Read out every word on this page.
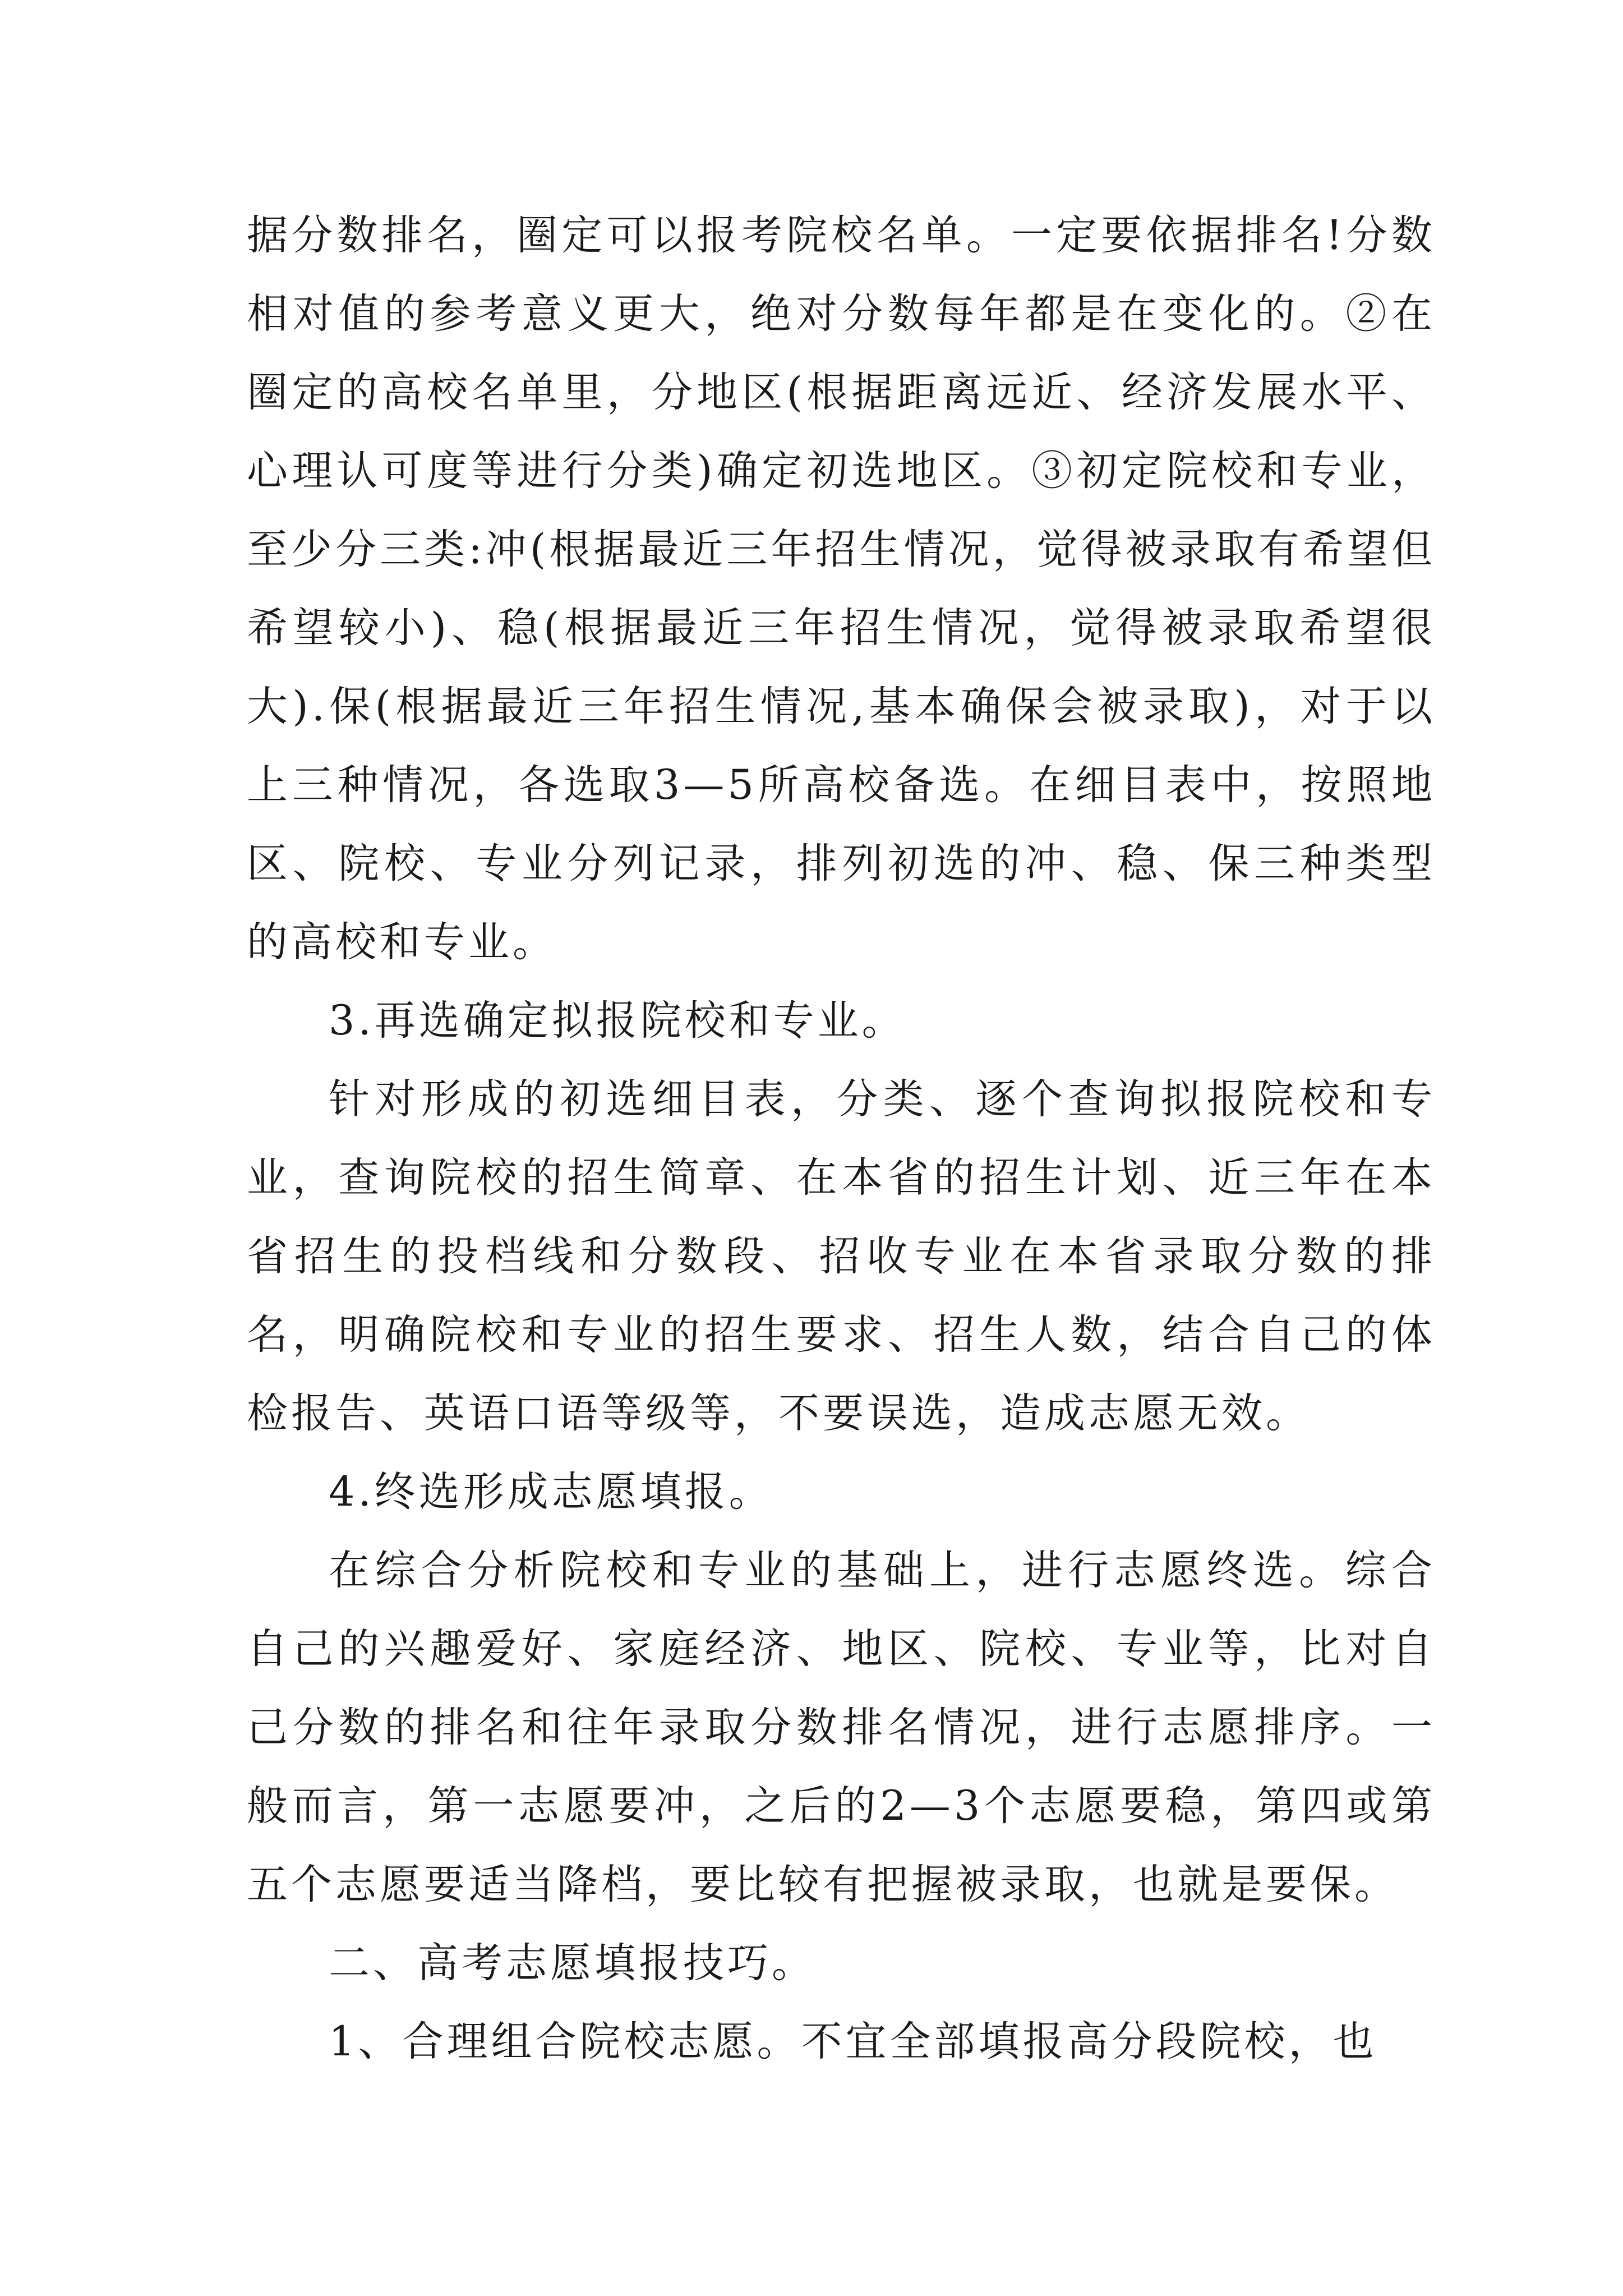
据分数排名，圈定可以报考院校名单。一定要依据排名!分数相对值的参考意义更大，绝对分数每年都是在变化的。②在圈定的高校名单里，分地区(根据距离远近、经济发展水平、心理认可度等进行分类)确定初选地区。③初定院校和专业，至少分三类:冲(根据最近三年招生情况，觉得被录取有希望但希望较小)、稳(根据最近三年招生情况，觉得被录取希望很大).保(根据最近三年招生情况,基本确保会被录取)，对于以上三种情况，各选取3—5所高校备选。在细目表中，按照地区、院校、专业分列记录，排列初选的冲、稳、保三种类型的高校和专业。

3.再选确定拟报院校和专业。

针对形成的初选细目表，分类、逐个查询拟报院校和专业，查询院校的招生简章、在本省的招生计划、近三年在本省招生的投档线和分数段、招收专业在本省录取分数的排名，明确院校和专业的招生要求、招生人数，结合自己的体检报告、英语口语等级等，不要误选，造成志愿无效。

4.终选形成志愿填报。

在综合分析院校和专业的基础上，进行志愿终选。综合自己的兴趣爱好、家庭经济、地区、院校、专业等，比对自己分数的排名和往年录取分数排名情况，进行志愿排序。一般而言，第一志愿要冲，之后的2—3个志愿要稳，第四或第五个志愿要适当降档，要比较有把握被录取，也就是要保。

二、高考志愿填报技巧。

1、合理组合院校志愿。不宜全部填报高分段院校，也
